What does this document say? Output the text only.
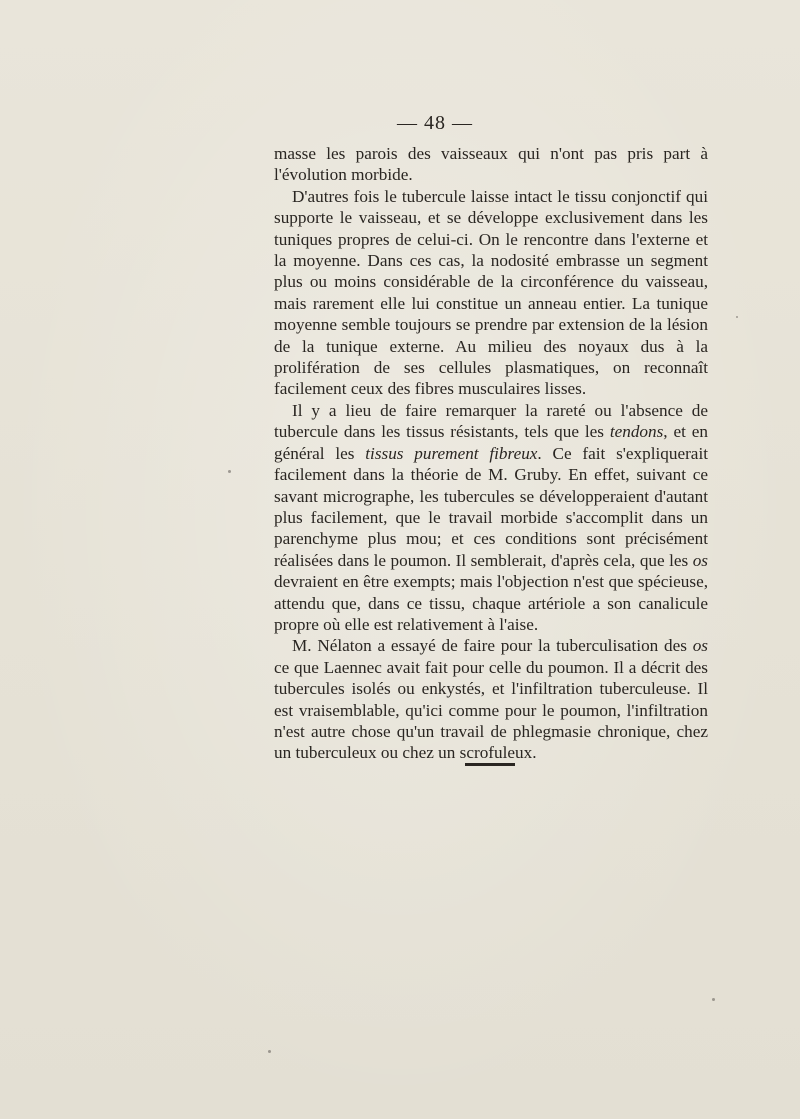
— 48 —

masse les parois des vaisseaux qui n'ont pas pris part à l'évolution morbide.

D'autres fois le tubercule laisse intact le tissu conjonctif qui supporte le vaisseau, et se développe exclusivement dans les tuniques propres de celui-ci. On le rencontre dans l'externe et la moyenne. Dans ces cas, la nodosité embrasse un segment plus ou moins considérable de la circonférence du vaisseau, mais rarement elle lui constitue un anneau entier. La tunique moyenne semble toujours se prendre par extension de la lésion de la tunique externe. Au milieu des noyaux dus à la prolifération de ses cellules plasmatiques, on reconnaît facilement ceux des fibres musculaires lisses.

Il y a lieu de faire remarquer la rareté ou l'absence de tubercule dans les tissus résistants, tels que les tendons, et en général les tissus purement fibreux. Ce fait s'expliquerait facilement dans la théorie de M. Gruby. En effet, suivant ce savant micrographe, les tubercules se développeraient d'autant plus facilement, que le travail morbide s'accomplit dans un parenchyme plus mou; et ces conditions sont précisément réalisées dans le poumon. Il semblerait, d'après cela, que les os devraient en être exempts; mais l'objection n'est que spécieuse, attendu que, dans ce tissu, chaque artériole a son canalicule propre où elle est relativement à l'aise.

M. Nélaton a essayé de faire pour la tuberculisation des os ce que Laennec avait fait pour celle du poumon. Il a décrit des tubercules isolés ou enkystés, et l'infiltration tuberculeuse. Il est vraisemblable, qu'ici comme pour le poumon, l'infiltration n'est autre chose qu'un travail de phlegmasie chronique, chez un tuberculeux ou chez un scrofuleux.
